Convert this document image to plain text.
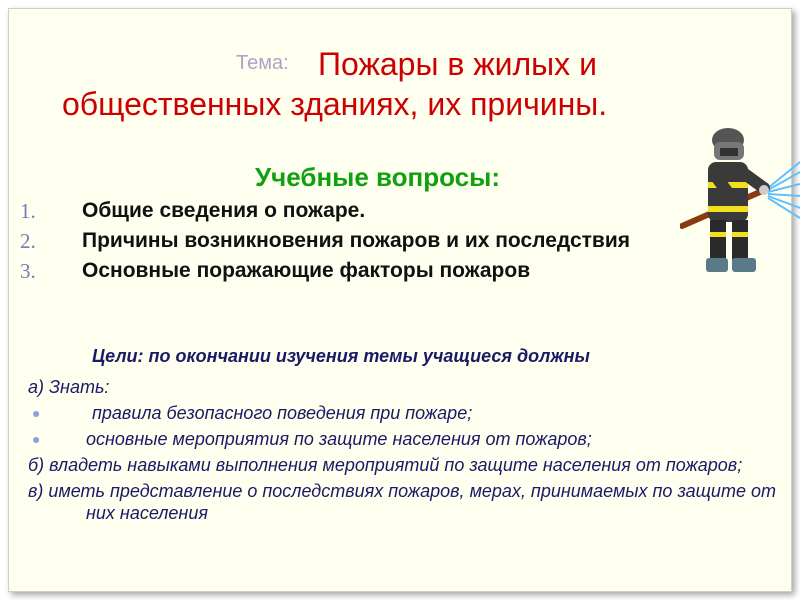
Тема: Пожары в жилых и
общественных зданиях, их причины.
Учебные вопросы:
1. Общие сведения о пожаре.
2. Причины возникновения пожаров и их последствия
3. Основные поражающие факторы пожаров
Цели: по окончании изучения темы учащиеся должны
а) Знать:
●	правила безопасного поведения при пожаре;
●	основные мероприятия по защите населения от пожаров;
б) владеть навыками выполнения мероприятий по защите населения от пожаров;
в) иметь представление о последствиях пожаров, мерах, принимаемых по защите от них населения
